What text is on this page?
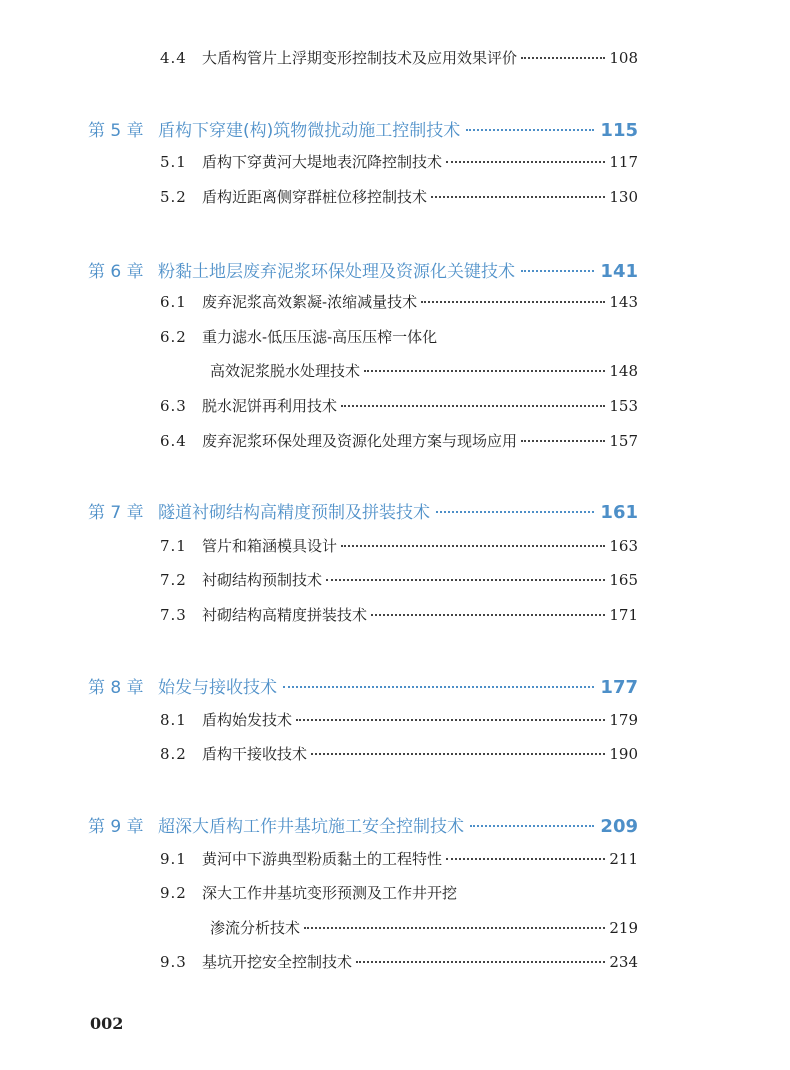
4.4	大盾构管片上浮期变形控制技术及应用效果评价	108
第 5 章 盾构下穿建(构)筑物微扰动施工控制技术	115
5.1	盾构下穿黄河大堤地表沉降控制技术	117
5.2	盾构近距离侧穿群桩位移控制技术	130
第 6 章 粉黏土地层废弃泥浆环保处理及资源化关键技术	141
6.1	废弃泥浆高效絮凝-浓缩减量技术	143
6.2	重力滤水-低压压滤-高压压榨一体化
高效泥浆脱水处理技术	148
6.3	脱水泥饼再利用技术	153
6.4	废弃泥浆环保处理及资源化处理方案与现场应用	157
第 7 章 隧道衬砌结构高精度预制及拼装技术	161
7.1	管片和箱涵模具设计	163
7.2	衬砌结构预制技术	165
7.3	衬砌结构高精度拼装技术	171
第 8 章 始发与接收技术	177
8.1	盾构始发技术	179
8.2	盾构干接收技术	190
第 9 章 超深大盾构工作井基坑施工安全控制技术	209
9.1	黄河中下游典型粉质黏土的工程特性	211
9.2	深大工作井基坑变形预测及工作井开挖
渗流分析技术	219
9.3	基坑开挖安全控制技术	234
002
